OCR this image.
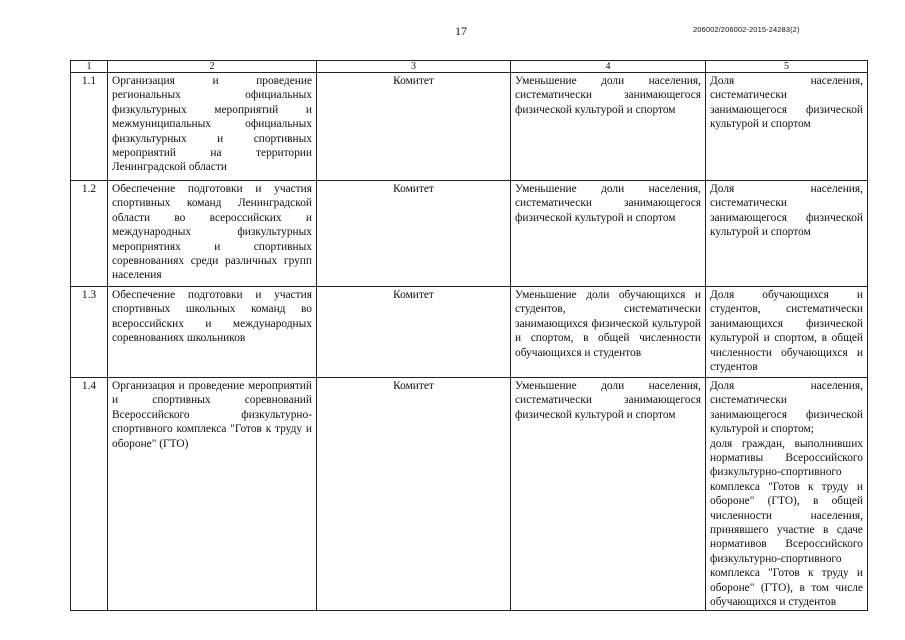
17	206002/206002-2015-24283(2)
1	2	3	4	5
1.1	Организация и проведение региональных официальных физкультурных мероприятий и межмуниципальных официальных физкультурных и спортивных мероприятий на территории Ленинградской области	Комитет	Уменьшение доли населения, систематически занимающегося физической культурой и спортом	Доля населения, систематически занимающегося физической культурой и спортом

1.2	Обеспечение подготовки и участия спортивных команд Ленинградской области во всероссийских и международных физкультурных мероприятиях и спортивных соревнованиях среди различных групп населения	Комитет	Уменьшение доли населения, систематически занимающегося физической культурой и спортом	Доля населения, систематически занимающегося физической культурой и спортом

1.3	Обеспечение подготовки и участия спортивных школьных команд во всероссийских и международных соревнованиях школьников	Комитет	Уменьшение доли обучающихся и студентов, систематически занимающихся физической культурой и спортом, в общей численности обучающихся и студентов	Доля обучающихся и студентов, систематически занимающихся физической культурой и спортом, в общей численности обучающихся и студентов

1.4	Организация и проведение мероприятий и спортивных соревнований Всероссийского физкультурно-спортивного комплекса "Готов к труду и обороне" (ГТО)	Комитет	Уменьшение доли населения, систематически занимающегося физической культурой и спортом	Доля населения, систематически занимающегося физической культурой и спортом;
доля граждан, выполнивших нормативы Всероссийского физкультурно-спортивного комплекса "Готов к труду и обороне" (ГТО), в общей численности населения, принявшего участие в сдаче нормативов Всероссийского физкультурно-спортивного комплекса "Готов к труду и обороне" (ГТО), в том числе обучающихся и студентов
